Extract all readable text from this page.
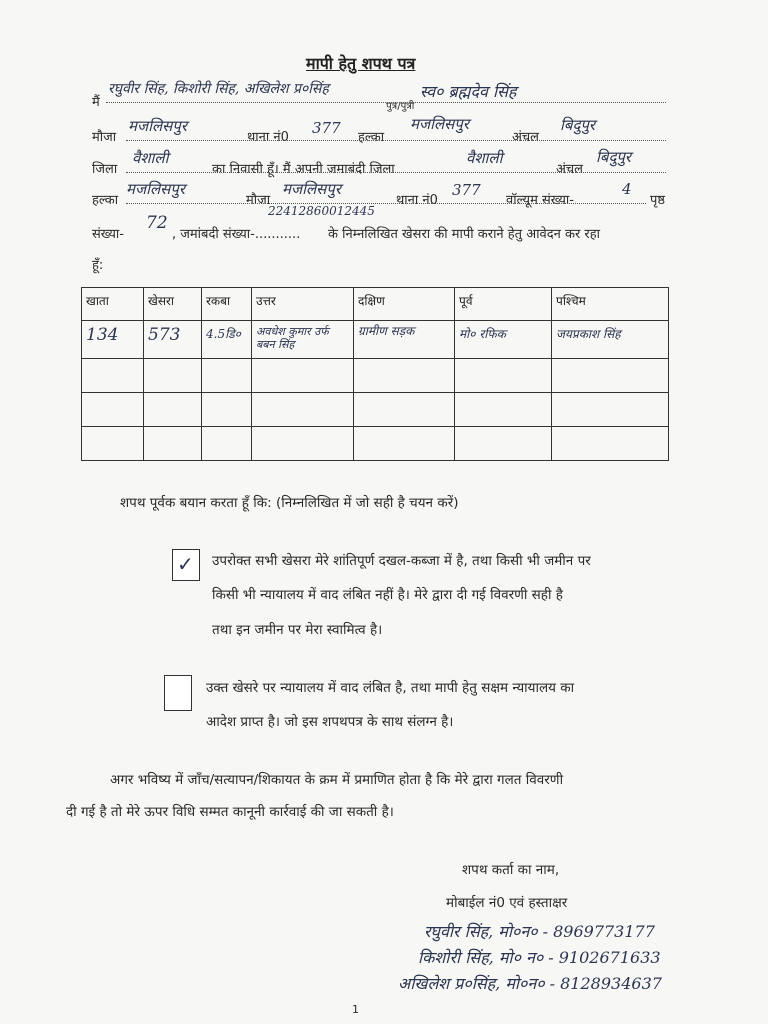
मापी हेतु शपथ पत्र
मैं
रघुवीर सिंह, किशोरी सिंह, अखिलेश प्र०सिंह	स्व० ब्रह्मदेव सिंह
पुत्र/पुत्री
मौजा
मजलिसपुर
थाना नं0
377
हल्का
मजलिसपुर
अंचल
बिदुपुर
जिला
वैशाली
का निवासी हूँ। मैं अपनी जमाबंदी जिला
वैशाली
अंचल
बिदुपुर
हल्का
मजलिसपुर
मौजा
मजलिसपुर
थाना नं0
377
वॉल्यूम संख्या-
4
पृष्ठ
22412860012445
संख्या-
72
, जमांबदी संख्या-........... के निम्नलिखित खेसरा की मापी कराने हेतु आवेदन कर रहा
हूँ:
खाता	खेसरा	रकबा	उत्तर	दक्षिण	पूर्व	पश्चिम
134	573	4.5डि०	अवधेश कुमार उर्फ बबन सिंह	ग्रामीण सड़क	मो० रफिक	जयप्रकाश सिंह

शपथ पूर्वक बयान करता हूँ कि: (निम्नलिखित में जो सही है चयन करें)
✓ उपरोक्त सभी खेसरा मेरे शांतिपूर्ण दखल-कब्जा में है, तथा किसी भी जमीन पर
किसी भी न्यायालय में वाद लंबित नहीं है। मेरे द्वारा दी गई विवरणी सही है
तथा इन जमीन पर मेरा स्वामित्व है।
उक्त खेसरे पर न्यायालय में वाद लंबित है, तथा मापी हेतु सक्षम न्यायालय का
आदेश प्राप्त है। जो इस शपथपत्र के साथ संलग्न है।
अगर भविष्य में जाँच/सत्यापन/शिकायत के क्रम में प्रमाणित होता है कि मेरे द्वारा गलत विवरणी
दी गई है तो मेरे ऊपर विधि सम्मत कानूनी कार्रवाई की जा सकती है।
शपथ कर्ता का नाम,
मोबाईल नं0 एवं हस्ताक्षर
रघुवीर सिंह, मो०न० - 8969773177
किशोरी सिंह, मो० न० - 9102671633
अखिलेश प्र०सिंह, मो०न० - 8128934637
1
